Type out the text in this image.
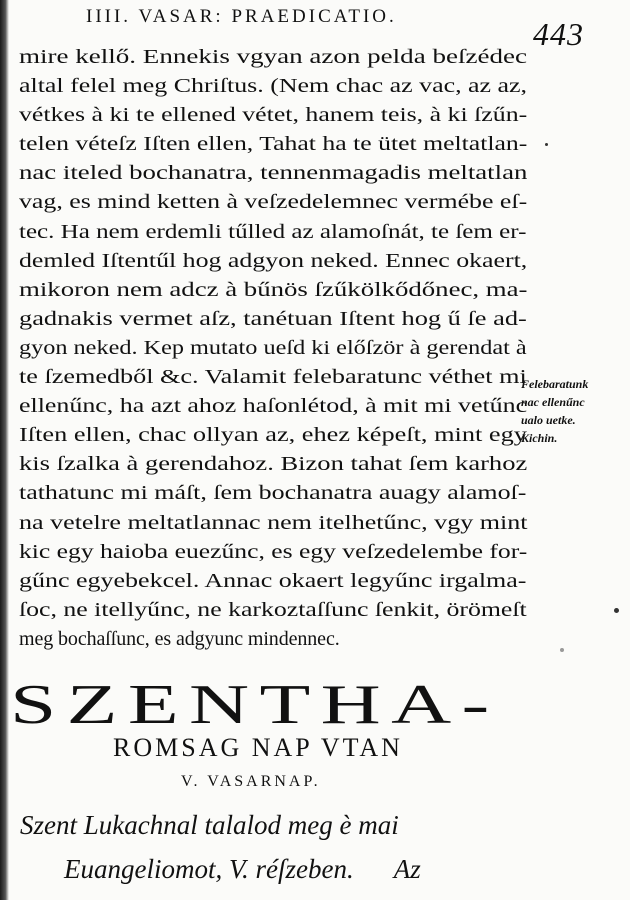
IIII. VASAR: PRAEDICATIO.	443
mire kellő. Ennekis vgyan azon pelda beſzédec
altal felel meg Chriſtus. (Nem chac az vac, az az,
vétkes à ki te ellened vétet, hanem teis, à ki ſzűn-
telen véteſz Iſten ellen, Tahat ha te ütet meltatlan-
nac iteled bochanatra, tennenmagadis meltatlan
vag, es mind ketten à veſzedelemnec vermébe eſ-
tec. Ha nem erdemli tűlled az alamoſnát, te ſem er-
demled Iſtentűl hog adgyon neked. Ennec okaert,
mikoron nem adcz à bűnös ſzűkölkődőnec, ma-
gadnakis vermet aſz, tanétuan Iſtent hog ű ſe ad-
gyon neked. Kep mutato ueſd ki előſzör à gerendat à
te ſzemedből &c. Valamit felebaratunc véthet mi
ellenűnc, ha azt ahoz haſonlétod, à mit mi vetűnc
Iſten ellen, chac ollyan az, ehez képeſt, mint egy
kis ſzalka à gerendahoz. Bizon tahat ſem karhoz
tathatunc mi máſt, ſem bochanatra auagy alamoſ-
na vetelre meltatlannac nem itelhetűnc, vgy mint
kic egy haioba euezűnc, es egy veſzedelembe for-
gűnc egyebekcel. Annac okaert legyűnc irgalma-
ſoc, ne itellyűnc, ne karkoztaſſunc ſenkit, örömeſt
meg bochaſſunc, es adgyunc mindennec.
Felebaratunk
nac ellenűnc
ualo uetke.
Kichin.
SZENTHA-
ROMSAG NAP VTAN
V. VASARNAP.
Szent Lukachnal talalod meg è mai
Euangeliomot, V. réſzeben. Az
